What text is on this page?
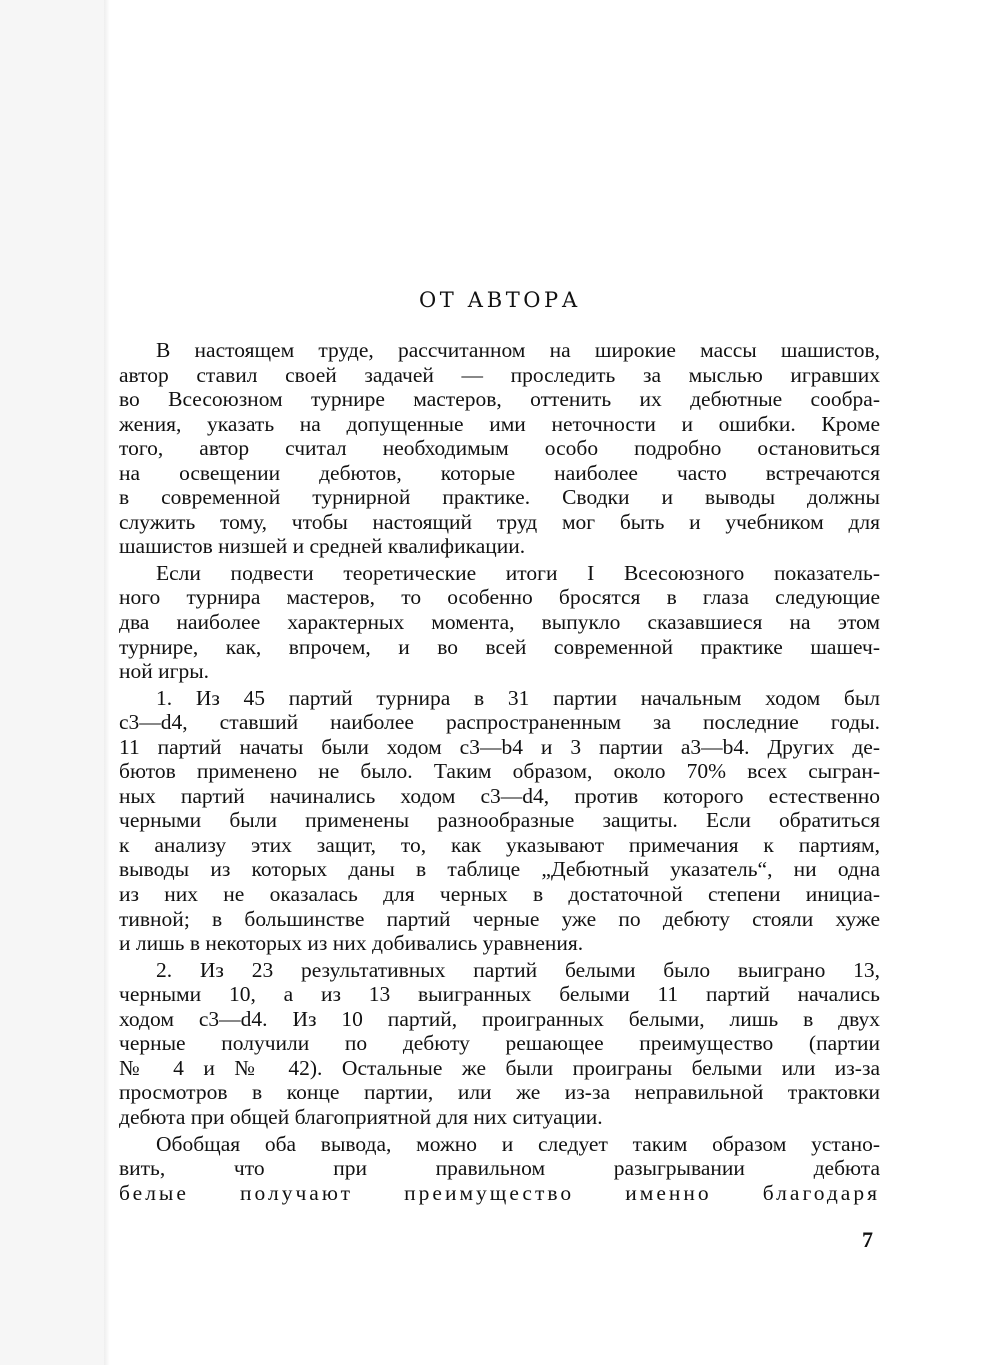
ОТ АВТОРА
В настоящем труде, рассчитанном на широкие массы шашистов,
автор ставил своей задачей — проследить за мыслью игравших
во Всесоюзном турнире мастеров, оттенить их дебютные сообра-
жения, указать на допущенные ими неточности и ошибки. Кроме
того, автор считал необходимым особо подробно остановиться
на освещении дебютов, которые наиболее часто встречаются
в современной турнирной практике. Сводки и выводы должны
служить тому, чтобы настоящий труд мог быть и учебником для
шашистов низшей и средней квалификации.
Если подвести теоретические итоги I Всесоюзного показатель-
ного турнира мастеров, то особенно бросятся в глаза следующие
два наиболее характерных момента, выпукло сказавшиеся на этом
турнире, как, впрочем, и во всей современной практике шашеч-
ной игры.
1. Из 45 партий турнира в 31 партии начальным ходом был
c3—d4, ставший наиболее распространенным за последние годы.
11 партий начаты были ходом c3—b4 и 3 партии a3—b4. Других де-
бютов применено не было. Таким образом, около 70% всех сыгран-
ных партий начинались ходом c3—d4, против которого естественно
черными были применены разнообразные защиты. Если обратиться
к анализу этих защит, то, как указывают примечания к партиям,
выводы из которых даны в таблице „Дебютный указатель“, ни одна
из них не оказалась для черных в достаточной степени инициа-
тивной; в большинстве партий черные уже по дебюту стояли хуже
и лишь в некоторых из них добивались уравнения.
2. Из 23 результативных партий белыми было выиграно 13,
черными 10, а из 13 выигранных белыми 11 партий начались
ходом c3—d4. Из 10 партий, проигранных белыми, лишь в двух
черные получили по дебюту решающее преимущество (партии
№ 4 и № 42). Остальные же были проиграны белыми или из-за
просмотров в конце партии, или же из-за неправильной трактовки
дебюта при общей благоприятной для них ситуации.
Обобщая оба вывода, можно и следует таким образом устано-
вить, что при правильном разыгрывании дебюта
белые получают преимущество именно благодаря

7
